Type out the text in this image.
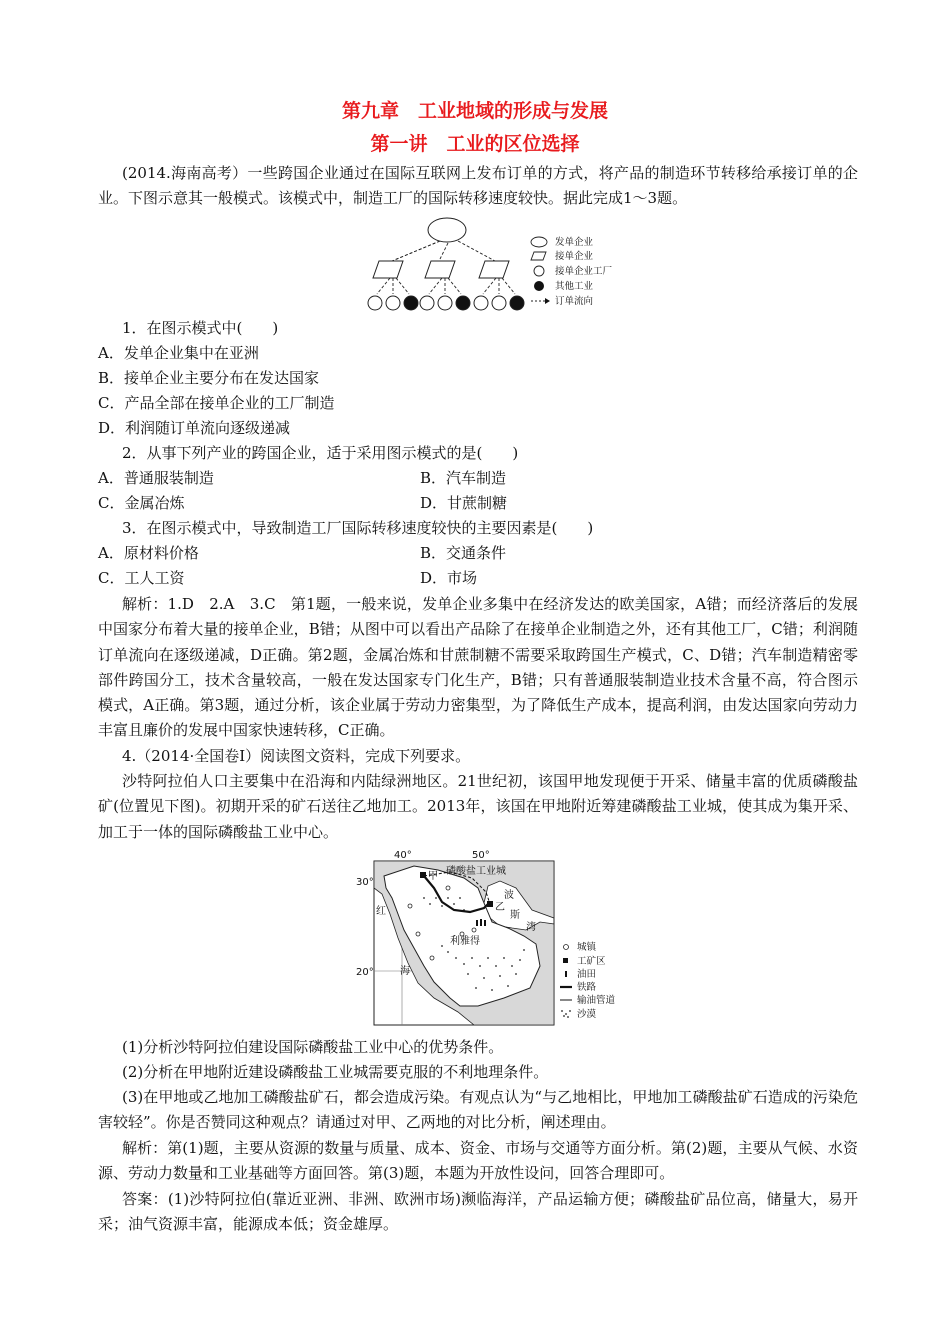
第九章　工业地域的形成与发展
第一讲　工业的区位选择
(2014.海南高考）一些跨国企业通过在国际互联网上发布订单的方式，将产品的制造环节转移给承接订单的企业。下图示意其一般模式。该模式中，制造工厂的国际转移速度较快。据此完成1～3题。
发单企业
接单企业
接单企业工厂
其他工业
订单流向
1．在图示模式中(　　)
A．发单企业集中在亚洲
B．接单企业主要分布在发达国家
C．产品全部在接单企业的工厂制造
D．利润随订单流向逐级递减
2．从事下列产业的跨国企业，适于采用图示模式的是(　　)
A．普通服装制造	B．汽车制造
C．金属冶炼	D．甘蔗制糖
3．在图示模式中，导致制造工厂国际转移速度较快的主要因素是(　　)
A．原材料价格	B．交通条件
C．工人工资	D．市场
解析：1.D　2.A　3.C　第1题，一般来说，发单企业多集中在经济发达的欧美国家，A错；而经济落后的发展中国家分布着大量的接单企业，B错；从图中可以看出产品除了在接单企业制造之外，还有其他工厂，C错；利润随订单流向在逐级递减，D正确。第2题，金属冶炼和甘蔗制糖不需要采取跨国生产模式，C、D错；汽车制造精密零部件跨国分工，技术含量较高，一般在发达国家专门化生产，B错；只有普通服装制造业技术含量不高，符合图示模式，A正确。第3题，通过分析，该企业属于劳动力密集型，为了降低生产成本，提高利润，由发达国家向劳动力丰富且廉价的发展中国家快速转移，C正确。
4.（2014·全国卷Ⅰ）阅读图文资料，完成下列要求。
沙特阿拉伯人口主要集中在沿海和内陆绿洲地区。21世纪初，该国甲地发现便于开采、储量丰富的优质磷酸盐矿(位置见下图)。初期开采的矿石送往乙地加工。2013年，该国在甲地附近筹建磷酸盐工业城，使其成为集开采、加工于一体的国际磷酸盐工业中心。
40°	50°
30°
20°
甲 磷酸盐工业城
乙
利雅得
红
海
波
斯
湾
城镇
工矿区
油田
铁路
输油管道
沙漠
(1)分析沙特阿拉伯建设国际磷酸盐工业中心的优势条件。
(2)分析在甲地附近建设磷酸盐工业城需要克服的不利地理条件。
(3)在甲地或乙地加工磷酸盐矿石，都会造成污染。有观点认为“与乙地相比，甲地加工磷酸盐矿石造成的污染危害较轻”。你是否赞同这种观点？请通过对甲、乙两地的对比分析，阐述理由。
解析：第(1)题，主要从资源的数量与质量、成本、资金、市场与交通等方面分析。第(2)题，主要从气候、水资源、劳动力数量和工业基础等方面回答。第(3)题，本题为开放性设问，回答合理即可。
答案：(1)沙特阿拉伯(靠近亚洲、非洲、欧洲市场)濒临海洋，产品运输方便；磷酸盐矿品位高，储量大，易开采；油气资源丰富，能源成本低；资金雄厚。
